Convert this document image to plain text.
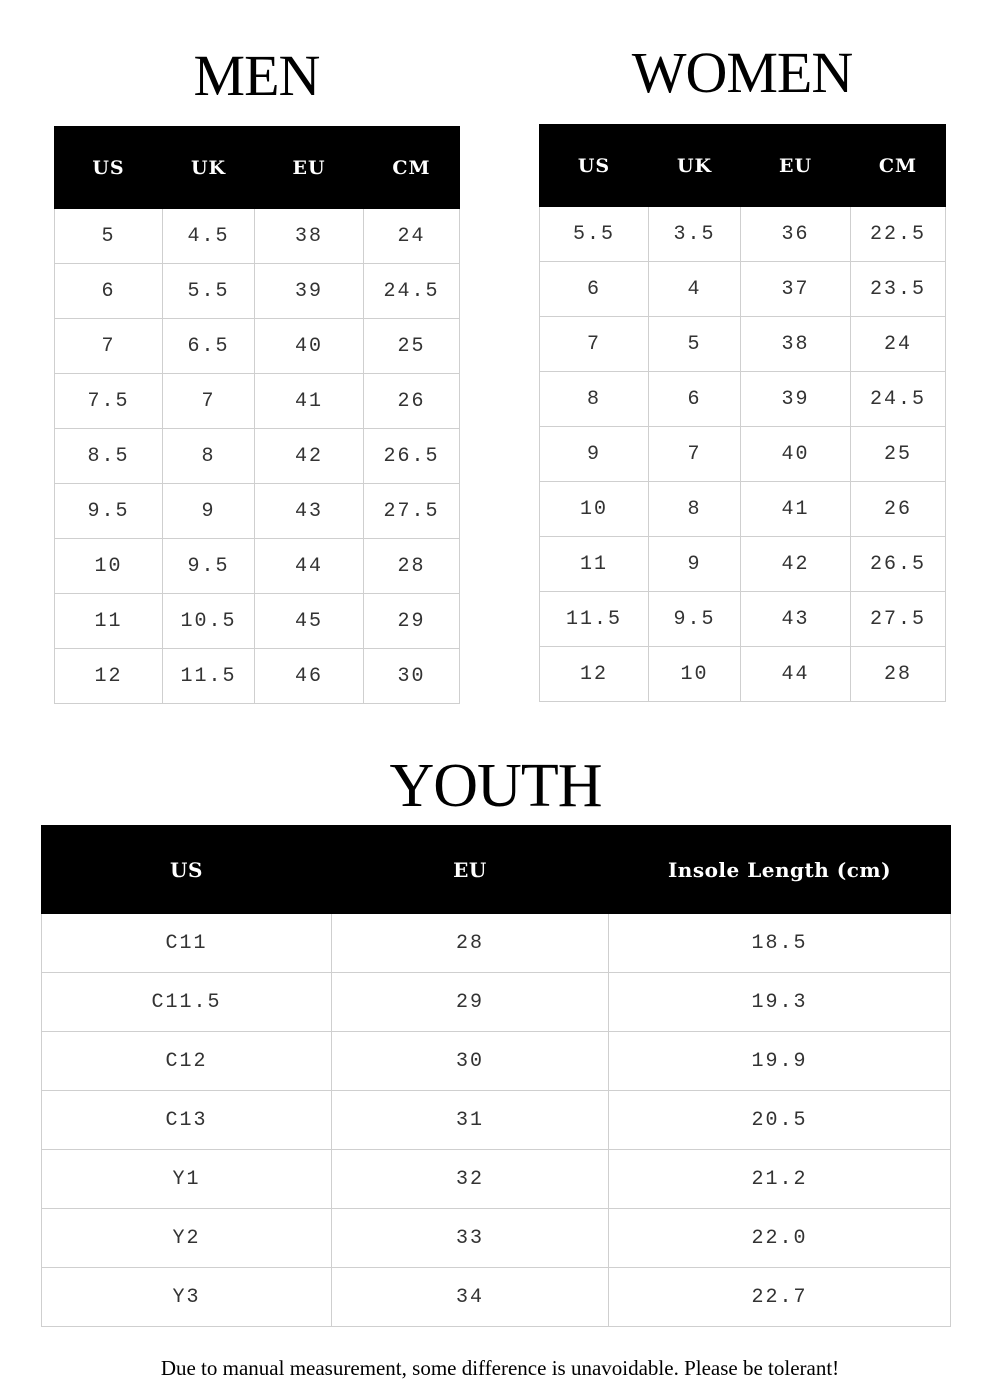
MEN
US	UK	EU	CM
5	4.5	38	24
6	5.5	39	24.5
7	6.5	40	25
7.5	7	41	26
8.5	8	42	26.5
9.5	9	43	27.5
10	9.5	44	28
11	10.5	45	29
12	11.5	46	30
WOMEN
US	UK	EU	CM
5.5	3.5	36	22.5
6	4	37	23.5
7	5	38	24
8	6	39	24.5
9	7	40	25
10	8	41	26
11	9	42	26.5
11.5	9.5	43	27.5
12	10	44	28
YOUTH
US	EU	Insole Length (cm)
C11	28	18.5
C11.5	29	19.3
C12	30	19.9
C13	31	20.5
Y1	32	21.2
Y2	33	22.0
Y3	34	22.7

Due to manual measurement, some difference is unavoidable. Please be tolerant!
